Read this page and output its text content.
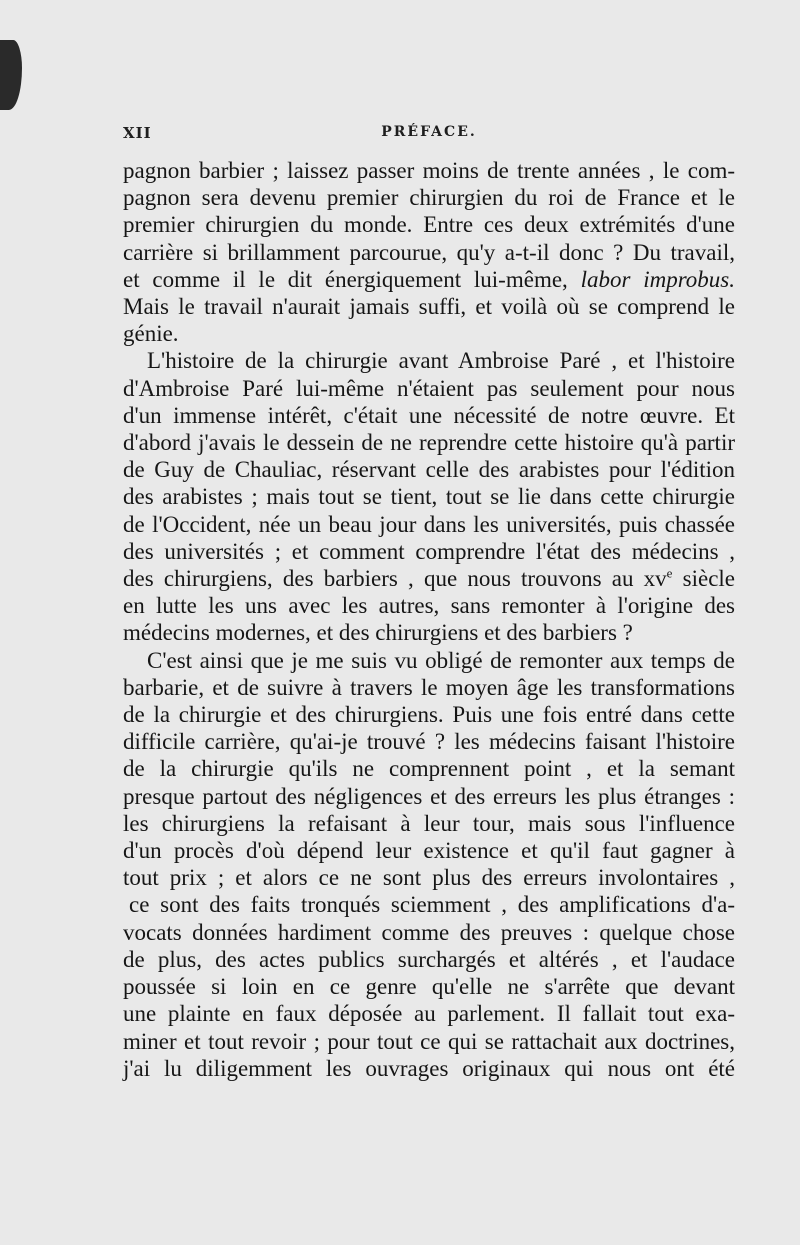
XII	PRÉFACE.
pagnon barbier ; laissez passer moins de trente années , le com-
pagnon sera devenu premier chirurgien du roi de France et le
premier chirurgien du monde. Entre ces deux extrémités d'une
carrière si brillamment parcourue, qu'y a-t-il donc ? Du travail,
et comme il le dit énergiquement lui-même, labor improbus.
Mais le travail n'aurait jamais suffi, et voilà où se comprend le
génie.
L'histoire de la chirurgie avant Ambroise Paré , et l'histoire
d'Ambroise Paré lui-même n'étaient pas seulement pour nous
d'un immense intérêt, c'était une nécessité de notre œuvre. Et
d'abord j'avais le dessein de ne reprendre cette histoire qu'à partir
de Guy de Chauliac, réservant celle des arabistes pour l'édition
des arabistes ; mais tout se tient, tout se lie dans cette chirurgie
de l'Occident, née un beau jour dans les universités, puis chassée
des universités ; et comment comprendre l'état des médecins ,
des chirurgiens, des barbiers , que nous trouvons au $xv^e$ siècle
en lutte les uns avec les autres, sans remonter à l'origine des
médecins modernes, et des chirurgiens et des barbiers ?
C'est ainsi que je me suis vu obligé de remonter aux temps de
barbarie, et de suivre à travers le moyen âge les transformations
de la chirurgie et des chirurgiens. Puis une fois entré dans cette
difficile carrière, qu'ai-je trouvé ? les médecins faisant l'histoire
de la chirurgie qu'ils ne comprennent point , et la semant
presque partout des négligences et des erreurs les plus étranges :
les chirurgiens la refaisant à leur tour, mais sous l'influence
d'un procès d'où dépend leur existence et qu'il faut gagner à
tout prix ; et alors ce ne sont plus des erreurs involontaires ,
ce sont des faits tronqués sciemment , des amplifications d'a-
vocats données hardiment comme des preuves : quelque chose
de plus, des actes publics surchargés et altérés , et l'audace
poussée si loin en ce genre qu'elle ne s'arrête que devant
une plainte en faux déposée au parlement. Il fallait tout exa-
miner et tout revoir ; pour tout ce qui se rattachait aux doctrines,
j'ai lu diligemment les ouvrages originaux qui nous ont été
